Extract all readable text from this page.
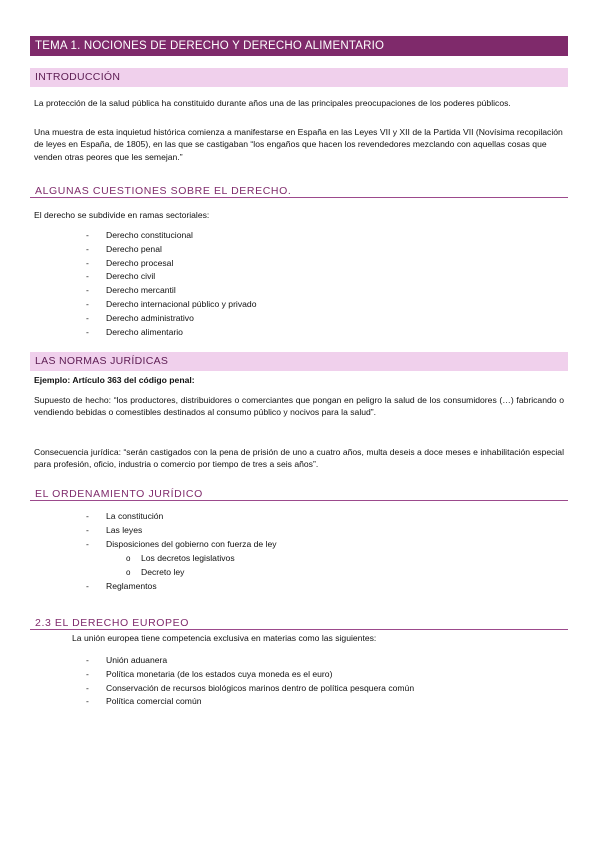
TEMA 1. NOCIONES DE DERECHO Y DERECHO ALIMENTARIO
INTRODUCCIÓN

La protección de la salud pública ha constituido durante años una de las principales preocupaciones de los poderes públicos.

Una muestra de esta inquietud histórica comienza a manifestarse en España en las Leyes VII y XII de la Partida VII (Novísima recopilación de leyes en España, de 1805), en las que se castigaban “los engaños que hacen los revendedores mezclando con aquellas cosas que venden otras peores que les semejan.”

ALGUNAS CUESTIONES SOBRE EL DERECHO.

El derecho se subdivide en ramas sectoriales:

- Derecho constitucional
- Derecho penal
- Derecho procesal
- Derecho civil
- Derecho mercantil
- Derecho internacional público y privado
- Derecho administrativo
- Derecho alimentario
LAS NORMAS JURÍDICAS

Ejemplo: Artículo 363 del código penal:

Supuesto de hecho: “los productores, distribuidores o comerciantes que pongan en peligro la salud de los consumidores (…) fabricando o vendiendo bebidas o comestibles destinados al consumo público y nocivos para la salud”.

Consecuencia jurídica: “serán castigados con la pena de prisión de uno a cuatro años, multa deseis a doce meses e inhabilitación especial para profesión, oficio, industria o comercio por tiempo de tres a seis años”.

EL ORDENAMIENTO JURÍDICO
- La constitución
- Las leyes
- Disposiciones del gobierno con fuerza de ley
o Los decretos legislativos
o Decreto ley
- Reglamentos
2.3 EL DERECHO EUROPEO

La unión europea tiene competencia exclusiva en materias como las siguientes:

- Unión aduanera
- Política monetaria (de los estados cuya moneda es el euro)
- Conservación de recursos biológicos marinos dentro de política pesquera común
- Política comercial común
